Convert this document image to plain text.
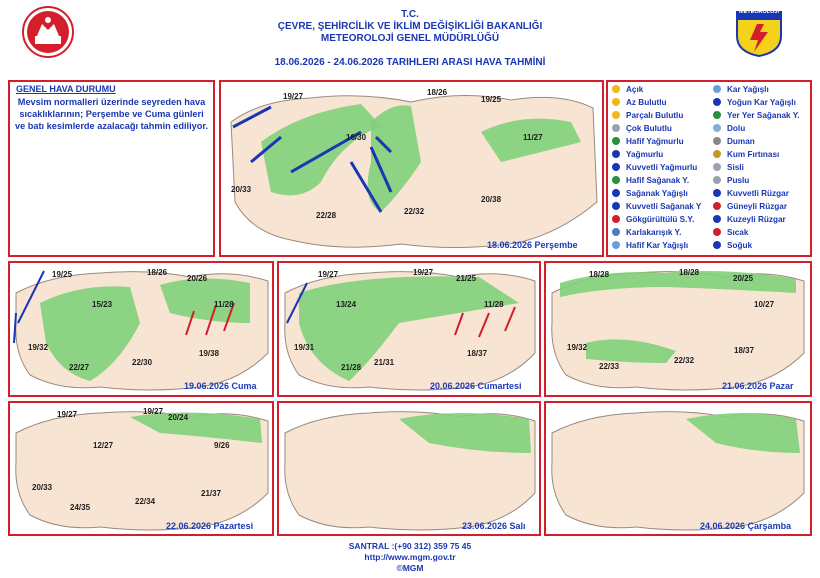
METEOROLOJİ
T.C.
ÇEVRE, ŞEHİRCİLİK VE İKLİM DEĞİŞİKLİĞİ BAKANLIĞI
METEOROLOJİ GENEL MÜDÜRLÜĞÜ
18.06.2026 - 24.06.2026 TARIHLERI ARASI HAVA TAHMİNİ
GENEL HAVA DURUMU
Mevsim normalleri üzerinde seyreden hava sıcaklıklarının; Perşembe ve Cuma günleri ve batı kesimlerde azalacağı tahmin ediliyor.
19/27	18/26
19/25
11/27
20/33
16/30
22/28	22/32
20/38
19/25	18/26
20/26
15/23	11/28
19/32
22/30
19/38
22/27
19/27	19/27
21/25
13/24	11/28
19/31
21/31
21/28
18/37
18/28	18/28
20/25
10/27
19/32
22/33
22/32
18/37
19/27	19/27
20/24
12/27	9/26
20/33
22/34
24/35
21/37
18.06.2026 Perşembe
19.06.2026 Cuma	20.06.2026 Cumartesi	21.06.2026 Pazar
22.06.2026 Pazartesi	23.06.2026 Salı	24.06.2026 Çarşamba
Açık
Az Bulutlu
Parçalı Bulutlu
Çok Bulutlu
Hafif Yağmurlu
Yağmurlu
Kuvvetli Yağmurlu
Hafif Sağanak Y.
Sağanak Yağışlı
Kuvvetli Sağanak Y
Gökgürültülü S.Y.
Karlakarışık Y.
Hafif Kar Yağışlı
Kar Yağışlı
Yoğun Kar Yağışlı
Yer Yer Sağanak Y.
Dolu
Duman
Kum Fırtınası
Sisli
Puslu
Kuvvetli Rüzgar
Güneyli Rüzgar
Kuzeyli Rüzgar
Sıcak
Soğuk
SANTRAL :(+90 312) 359 75 45
http://www.mgm.gov.tr
©MGM
